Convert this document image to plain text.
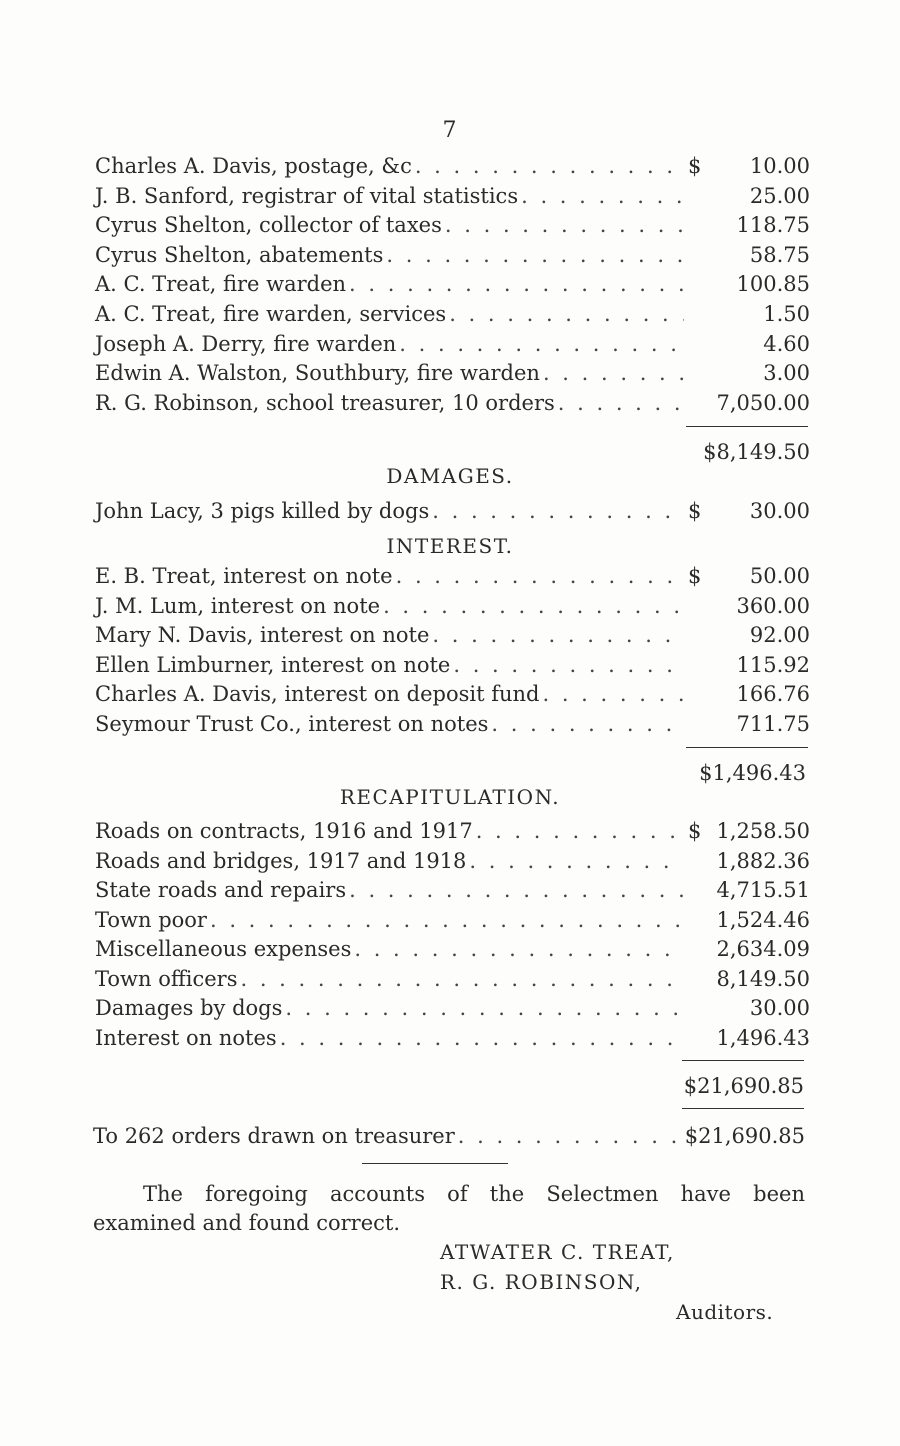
7
Charles A. Davis, postage, &c . . .	$	10.00
J. B. Sanford, registrar of vital statistics . . .	25.00
Cyrus Shelton, collector of taxes . . .	118.75
Cyrus Shelton, abatements . . .	58.75
A. C. Treat, fire warden . . .	100.85
A. C. Treat, fire warden, services . . .	1.50
Joseph A. Derry, fire warden . . .	4.60
Edwin A. Walston, Southbury, fire warden . . .	3.00
R. G. Robinson, school treasurer, 10 orders . . .	7,050.00
$8,149.50
DAMAGES.
John Lacy, 3 pigs killed by dogs . . .	$	30.00
INTEREST.
E. B. Treat, interest on note . . .	$	50.00
J. M. Lum, interest on note . . .	360.00
Mary N. Davis, interest on note . . .	92.00
Ellen Limburner, interest on note . . .	115.92
Charles A. Davis, interest on deposit fund . . .	166.76
Seymour Trust Co., interest on notes . . .	711.75
$1,496.43
RECAPITULATION.
Roads on contracts, 1916 and 1917 . . .	$ 1,258.50
Roads and bridges, 1917 and 1918 . . .	1,882.36
State roads and repairs . . .	4,715.51
Town poor . . .	1,524.46
Miscellaneous expenses . . .	2,634.09
Town officers . . .	8,149.50
Damages by dogs . . .	30.00
Interest on notes . . .	1,496.43
$21,690.85
To 262 orders drawn on treasurer . . .	$21,690.85
The foregoing accounts of the Selectmen have been examined and found correct.
ATWATER C. TREAT,
R. G. ROBINSON,
Auditors.
